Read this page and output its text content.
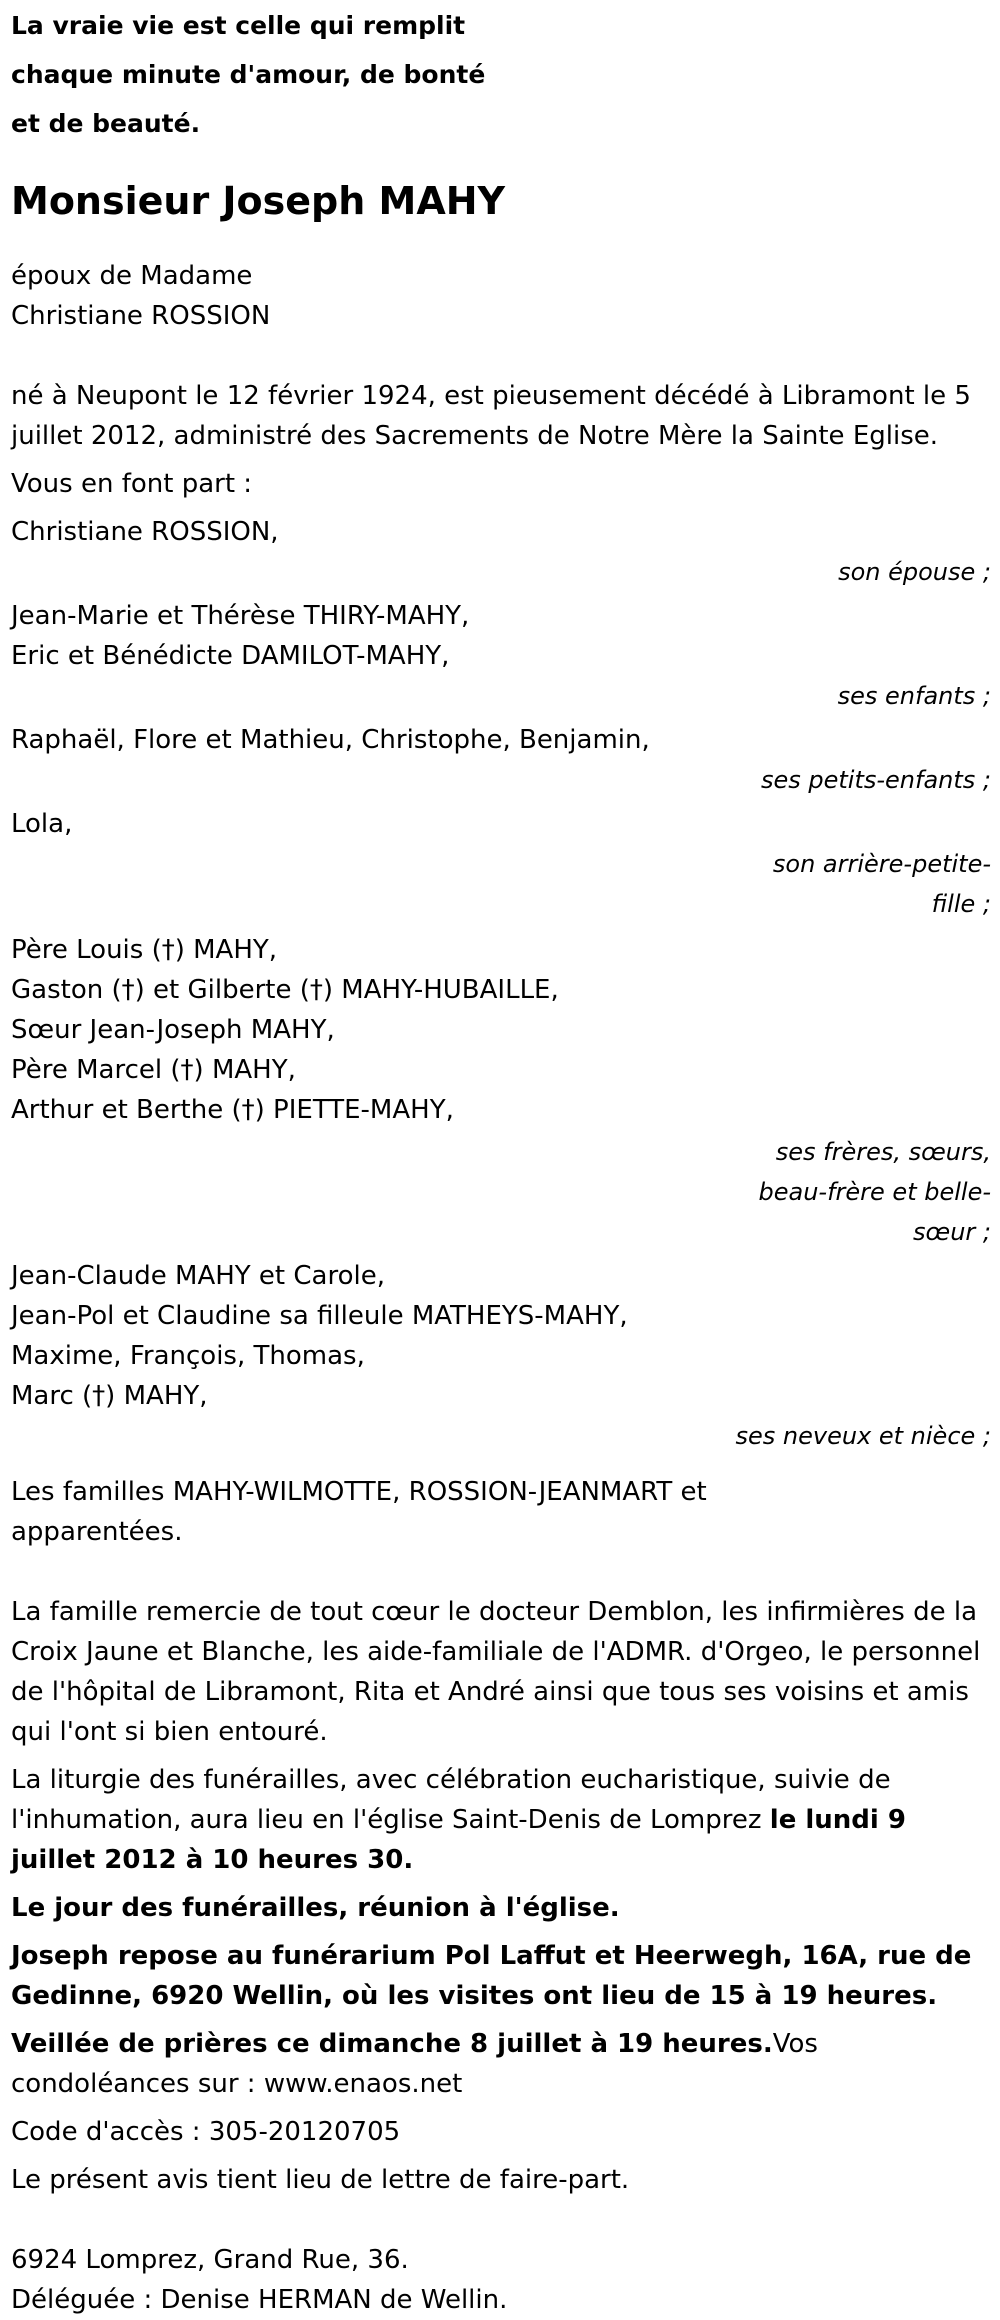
La vraie vie est celle qui remplit
chaque minute d'amour, de bonté
et de beauté.
Monsieur Joseph MAHY
époux de Madame
Christiane ROSSION
né à Neupont le 12 février 1924, est pieusement décédé à Libramont le 5 juillet 2012, administré des Sacrements de Notre Mère la Sainte Eglise.
Vous en font part :
Christiane ROSSION,
son épouse ;
Jean-Marie et Thérèse THIRY-MAHY,
Eric et Bénédicte DAMILOT-MAHY,
ses enfants ;
Raphaël, Flore et Mathieu, Christophe, Benjamin,
ses petits-enfants ;
Lola,
son arrière-petite-fille ;
Père Louis (†) MAHY,
Gaston (†) et Gilberte (†) MAHY-HUBAILLE,
Sœur Jean-Joseph MAHY,
Père Marcel (†) MAHY,
Arthur et Berthe (†) PIETTE-MAHY,
ses frères, sœurs, beau-frère et belle-sœur ;
Jean-Claude MAHY et Carole,
Jean-Pol et Claudine sa filleule MATHEYS-MAHY,
Maxime, François, Thomas,
Marc (†) MAHY,
ses neveux et nièce ;
Les familles MAHY-WILMOTTE, ROSSION-JEANMART et apparentées.
La famille remercie de tout cœur le docteur Demblon, les infirmières de la Croix Jaune et Blanche, les aide-familiale de l'ADMR. d'Orgeo, le personnel de l'hôpital de Libramont, Rita et André ainsi que tous ses voisins et amis qui l'ont si bien entouré.
La liturgie des funérailles, avec célébration eucharistique, suivie de l'inhumation, aura lieu en l'église Saint-Denis de Lomprez le lundi 9 juillet 2012 à 10 heures 30.
Le jour des funérailles, réunion à l'église.
Joseph repose au funérarium Pol Laffut et Heerwegh, 16A, rue de Gedinne, 6920 Wellin, où les visites ont lieu de 15 à 19 heures.
Veillée de prières ce dimanche 8 juillet à 19 heures.Vos condoléances sur : www.enaos.net
Code d'accès : 305-20120705
Le présent avis tient lieu de lettre de faire-part.
6924 Lomprez, Grand Rue, 36.
Déléguée : Denise HERMAN de Wellin.
